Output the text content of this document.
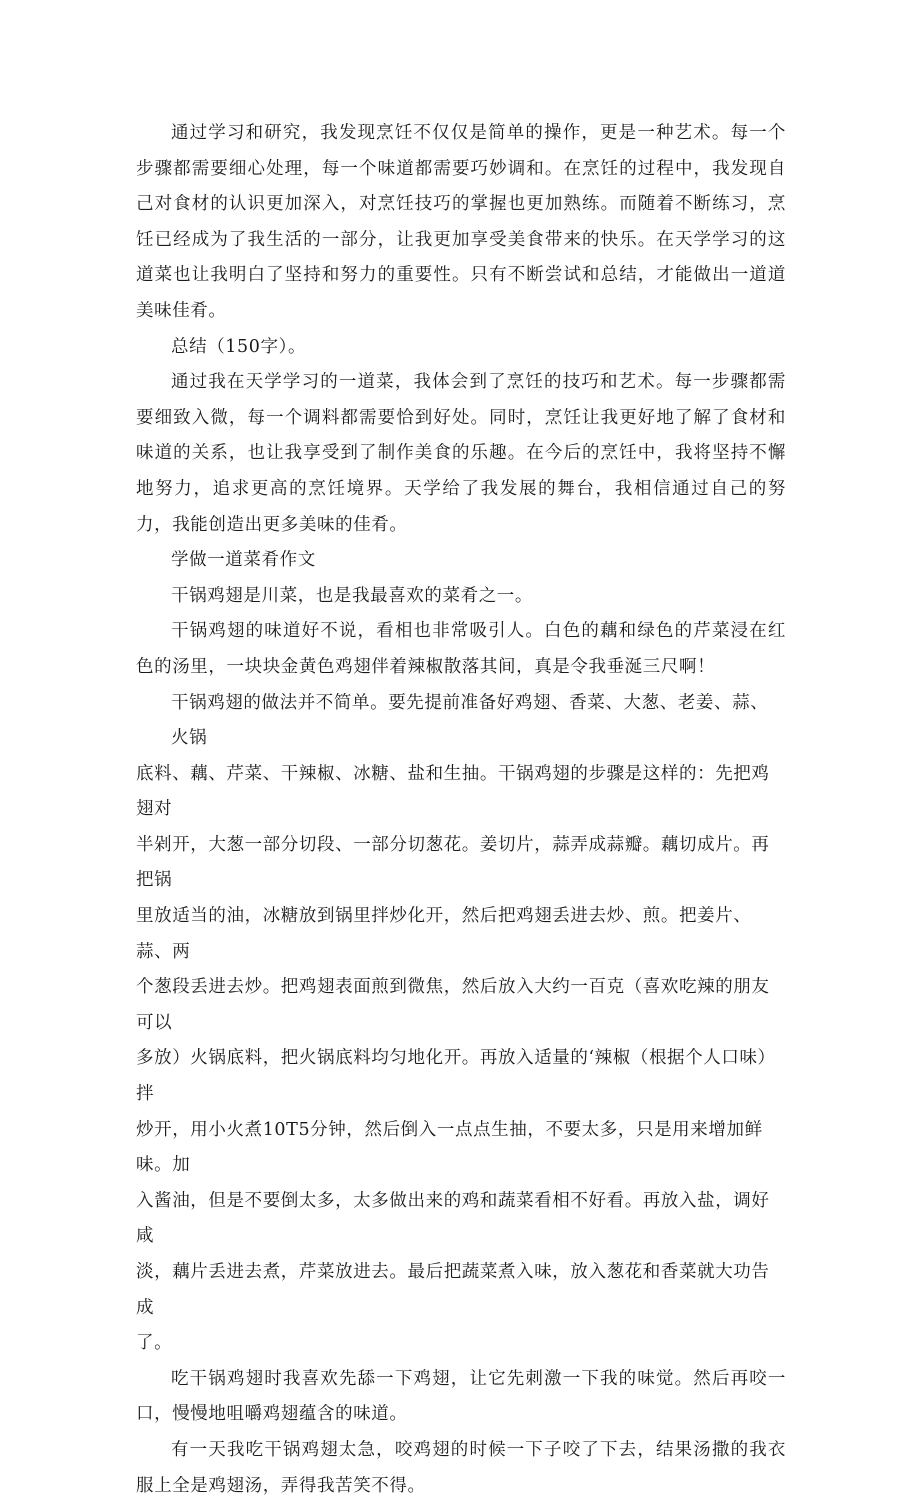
通过学习和研究，我发现烹饪不仅仅是简单的操作，更是一种艺术。每一个步骤都需要细心处理，每一个味道都需要巧妙调和。在烹饪的过程中，我发现自己对食材的认识更加深入，对烹饪技巧的掌握也更加熟练。而随着不断练习，烹饪已经成为了我生活的一部分，让我更加享受美食带来的快乐。在天学学习的这道菜也让我明白了坚持和努力的重要性。只有不断尝试和总结，才能做出一道道美味佳肴。

总结（150字）。

通过我在天学学习的一道菜，我体会到了烹饪的技巧和艺术。每一步骤都需要细致入微，每一个调料都需要恰到好处。同时，烹饪让我更好地了解了食材和味道的关系，也让我享受到了制作美食的乐趣。在今后的烹饪中，我将坚持不懈地努力，追求更高的烹饪境界。天学给了我发展的舞台，我相信通过自己的努力，我能创造出更多美味的佳肴。

学做一道菜肴作文

干锅鸡翅是川菜，也是我最喜欢的菜肴之一。

干锅鸡翅的味道好不说，看相也非常吸引人。白色的藕和绿色的芹菜浸在红色的汤里，一块块金黄色鸡翅伴着辣椒散落其间，真是令我垂涎三尺啊！

干锅鸡翅的做法并不简单。要先提前准备好鸡翅、香菜、大葱、老姜、蒜、火锅
底料、藕、芹菜、干辣椒、冰糖、盐和生抽。干锅鸡翅的步骤是这样的：先把鸡翅对
半剁开，大葱一部分切段、一部分切葱花。姜切片，蒜弄成蒜瓣。藕切成片。再把锅
里放适当的油，冰糖放到锅里拌炒化开，然后把鸡翅丢进去炒、煎。把姜片、蒜、两
个葱段丢进去炒。把鸡翅表面煎到微焦，然后放入大约一百克（喜欢吃辣的朋友可以
多放）火锅底料，把火锅底料均匀地化开。再放入适量的‘辣椒（根据个人口味）拌
炒开，用小火煮10T5分钟，然后倒入一点点生抽，不要太多，只是用来增加鲜味。加
入酱油，但是不要倒太多，太多做出来的鸡和蔬菜看相不好看。再放入盐，调好咸
淡，藕片丢进去煮，芹菜放进去。最后把蔬菜煮入味，放入葱花和香菜就大功告成
了。

吃干锅鸡翅时我喜欢先舔一下鸡翅，让它先刺激一下我的味觉。然后再咬一口，慢慢地咀嚼鸡翅蕴含的味道。

有一天我吃干锅鸡翅太急，咬鸡翅的时候一下子咬了下去，结果汤撒的我衣服上全是鸡翅汤，弄得我苦笑不得。
